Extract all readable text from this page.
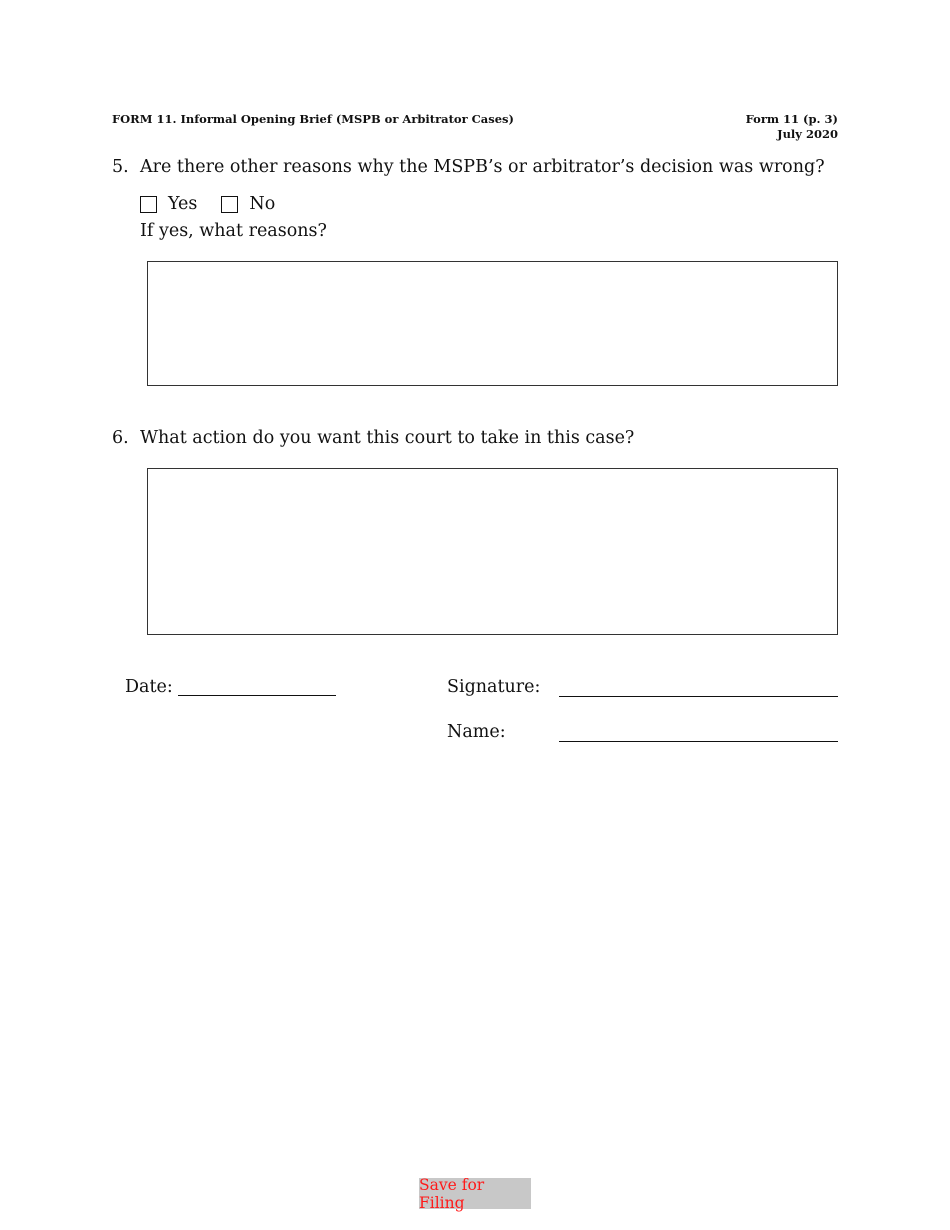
FORM 11. Informal Opening Brief (MSPB or Arbitrator Cases)	Form 11 (p. 3)
July 2020
5. Are there other reasons why the MSPB’s or arbitrator’s decision was wrong?
Yes	No
If yes, what reasons?
6. What action do you want this court to take in this case?
Date:	Signature:
Name:
Save for Filing
